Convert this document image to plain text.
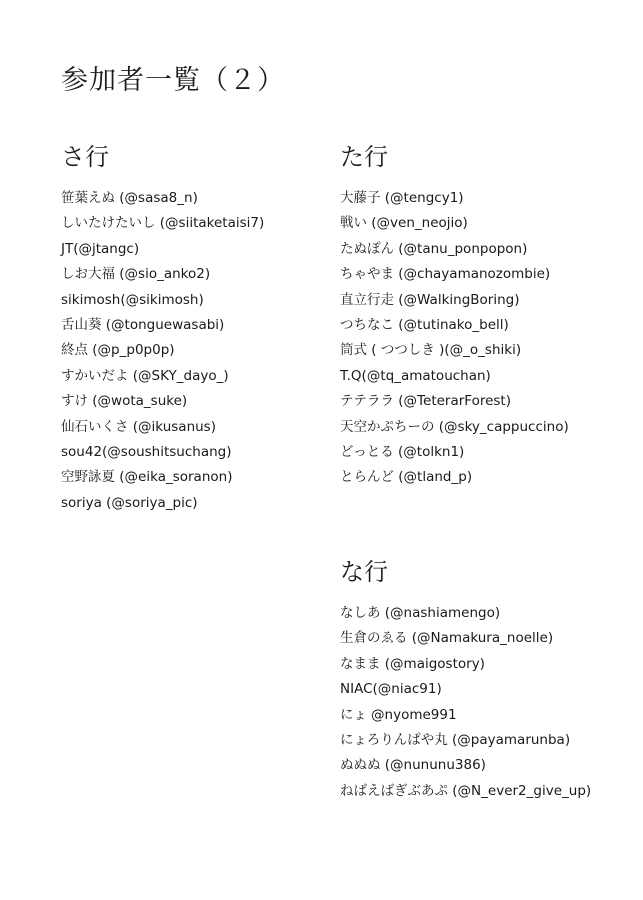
参加者一覧（２）
さ行
笹葉えぬ (@sasa8_n)
しいたけたいし (@siitaketaisi7)
JT(@jtangc)
しお大福 (@sio_anko2)
sikimosh(@sikimosh)
舌山葵 (@tonguewasabi)
終点 (@p_p0p0p)
すかいだよ (@SKY_dayo_)
すけ (@wota_suke)
仙石いくさ (@ikusanus)
sou42(@soushitsuchang)
空野詠夏 (@eika_soranon)
soriya (@soriya_pic)
た行
大藤子 (@tengcy1)
戦い (@ven_neojio)
たぬぽん (@tanu_ponpopon)
ちゃやま (@chayamanozombie)
直立行走 (@WalkingBoring)
つちなこ (@tutinako_bell)
筒式 ( つつしき )(@_o_shiki)
T.Q(@tq_amatouchan)
テテララ (@TeterarForest)
天空かぷちーの (@sky_cappuccino)
どっとる (@tolkn1)
とらんど (@tland_p)
な行
なしあ (@nashiamengo)
生倉のゑる (@Namakura_noelle)
なまま (@maigostory)
NIAC(@niac91)
にょ @nyome991
にょろりんぱや丸 (@payamarunba)
ぬぬぬ (@nununu386)
ねばえばぎぶあぷ (@N_ever2_give_up)
